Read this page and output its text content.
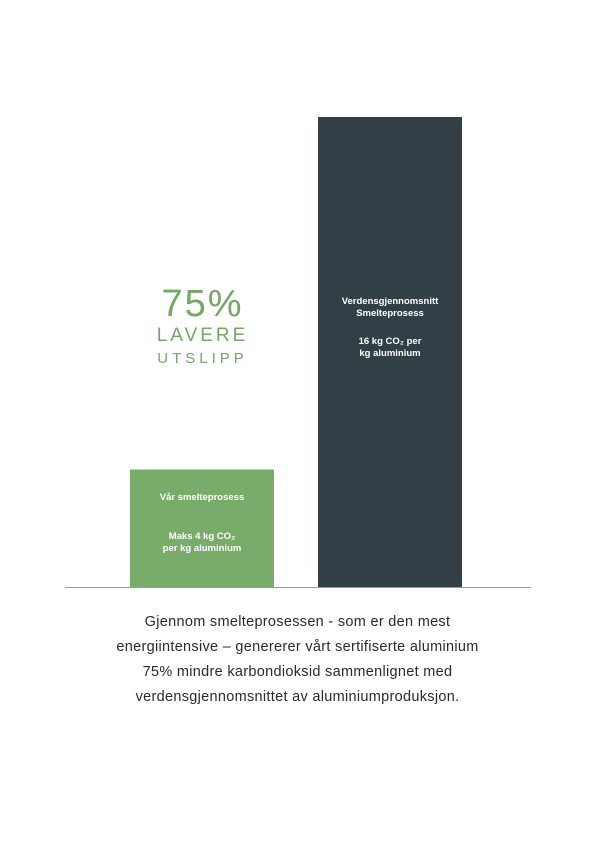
75%
LAVERE
UTSLIPP
Vår smelteprosess
Maks 4 kg CO₂
per kg aluminium
Verdensgjennomsnitt
Smelteprosess
16 kg CO₂ per
kg aluminium
Gjennom smelteprosessen - som er den mest
energiintensive – genererer vårt sertifiserte aluminium
75% mindre karbondioksid sammenlignet med
verdensgjennomsnittet av aluminiumproduksjon.
